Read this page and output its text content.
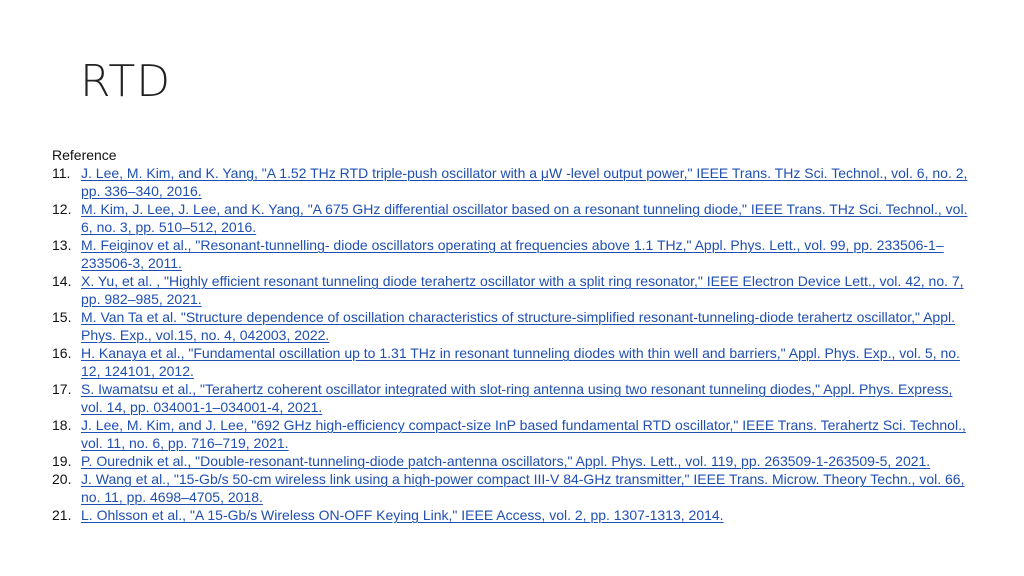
RTD

Reference

11. J. Lee, M. Kim, and K. Yang, "A 1.52 THz RTD triple-push oscillator with a μW -level output power," IEEE Trans. THz Sci. Technol., vol. 6, no. 2, pp. 336–340, 2016.
12. M. Kim, J. Lee, J. Lee, and K. Yang, "A 675 GHz differential oscillator based on a resonant tunneling diode," IEEE Trans. THz Sci. Technol., vol. 6, no. 3, pp. 510–512, 2016.
13. M. Feiginov et al., "Resonant-tunnelling- diode oscillators operating at frequencies above 1.1 THz," Appl. Phys. Lett., vol. 99, pp. 233506-1–233506-3, 2011.
14. X. Yu, et al. , "Highly efficient resonant tunneling diode terahertz oscillator with a split ring resonator," IEEE Electron Device Lett., vol. 42, no. 7, pp. 982–985, 2021.
15. M. Van Ta et al. "Structure dependence of oscillation characteristics of structure-simplified resonant-tunneling-diode terahertz oscillator," Appl. Phys. Exp., vol.15, no. 4, 042003, 2022.
16. H. Kanaya et al., "Fundamental oscillation up to 1.31 THz in resonant tunneling diodes with thin well and barriers," Appl. Phys. Exp., vol. 5, no. 12, 124101, 2012.
17. S. Iwamatsu et al., "Terahertz coherent oscillator integrated with slot-ring antenna using two resonant tunneling diodes," Appl. Phys. Express, vol. 14, pp. 034001-1–034001-4, 2021.
18. J. Lee, M. Kim, and J. Lee, "692 GHz high-efficiency compact-size InP based fundamental RTD oscillator," IEEE Trans. Terahertz Sci. Technol., vol. 11, no. 6, pp. 716–719, 2021.
19. P. Ourednik et al., "Double-resonant-tunneling-diode patch-antenna oscillators," Appl. Phys. Lett., vol. 119, pp. 263509-1-263509-5, 2021.
20. J. Wang et al., "15-Gb/s 50-cm wireless link using a high-power compact III-V 84-GHz transmitter," IEEE Trans. Microw. Theory Techn., vol. 66, no. 11, pp. 4698–4705, 2018.
21. L. Ohlsson et al., "A 15-Gb/s Wireless ON-OFF Keying Link," IEEE Access, vol. 2, pp. 1307-1313, 2014.
